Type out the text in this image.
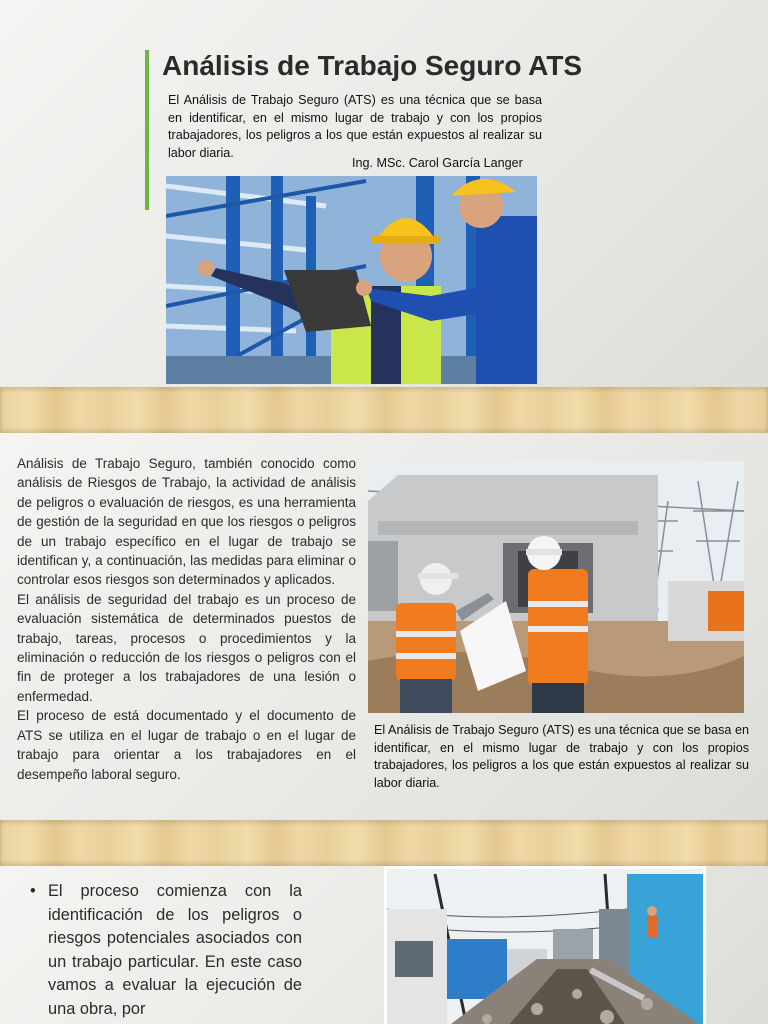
Análisis de Trabajo Seguro ATS

El Análisis de Trabajo Seguro (ATS) es una técnica que se basa en identificar, en el mismo lugar de trabajo y con los propios trabajadores, los peligros a los que están expuestos al realizar su labor diaria.

Ing. MSc. Carol García Langer

Análisis de Trabajo Seguro, también conocido como análisis de Riesgos de Trabajo, la actividad de análisis de peligros o evaluación de riesgos, es una herramienta de gestión de la seguridad en que los riesgos o peligros de un trabajo específico en el lugar de trabajo se identifican y, a continuación, las medidas para eliminar o controlar esos riesgos son determinados y aplicados.

El análisis de seguridad del trabajo es un proceso de evaluación sistemática de determinados puestos de trabajo, tareas, procesos o procedimientos y la eliminación o reducción de los riesgos o peligros con el fin de proteger a los trabajadores de una lesión o enfermedad.

El proceso de está documentado y el documento de ATS se utiliza en el lugar de trabajo o en el lugar de trabajo para orientar a los trabajadores en el desempeño laboral seguro.

El Análisis de Trabajo Seguro (ATS) es una técnica que se basa en identificar, en el mismo lugar de trabajo y con los propios trabajadores, los peligros a los que están expuestos al realizar su labor diaria.

• El proceso comienza con la identificación de los peligros o riesgos potenciales asociados con un trabajo particular. En este caso vamos a evaluar la ejecución de una obra, por
